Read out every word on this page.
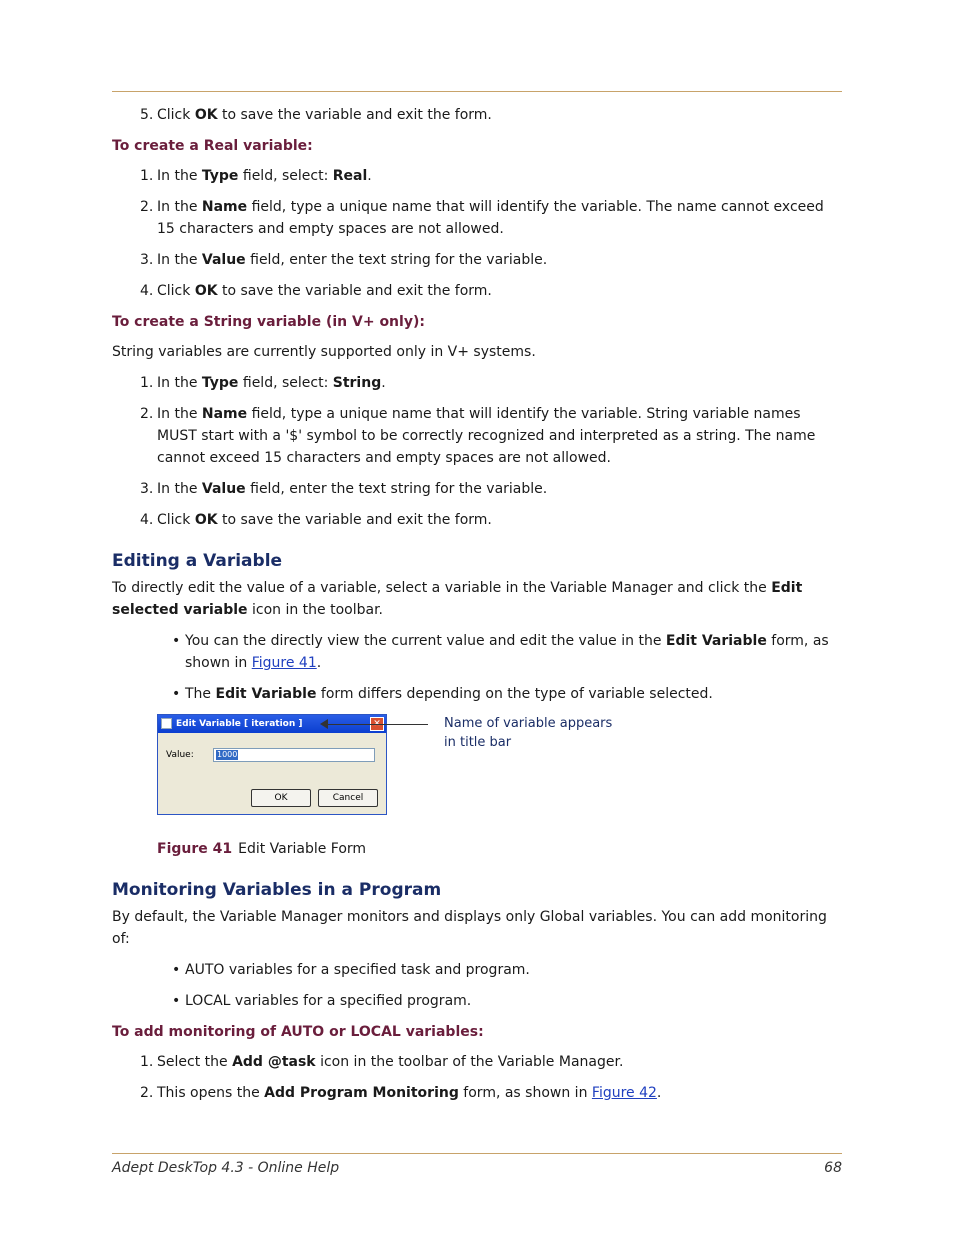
5. Click OK to save the variable and exit the form.

To create a Real variable:

1. In the Type field, select: Real.
2. In the Name field, type a unique name that will identify the variable. The name cannot exceed 15 characters and empty spaces are not allowed.
3. In the Value field, enter the text string for the variable.
4. Click OK to save the variable and exit the form.

To create a String variable (in V+ only):

String variables are currently supported only in V+ systems.

1. In the Type field, select: String.
2. In the Name field, type a unique name that will identify the variable. String variable names MUST start with a '$' symbol to be correctly recognized and interpreted as a string. The name cannot exceed 15 characters and empty spaces are not allowed.
3. In the Value field, enter the text string for the variable.
4. Click OK to save the variable and exit the form.
Editing a Variable

To directly edit the value of a variable, select a variable in the Variable Manager and click the Edit selected variable icon in the toolbar.

• You can the directly view the current value and edit the value in the Edit Variable form, as shown in Figure 41.
• The Edit Variable form differs depending on the type of variable selected.
Edit Variable [ iteration ]
Value:	1000
OK	Cancel
Name of variable appears
in title bar

Figure 41 Edit Variable Form

Monitoring Variables in a Program

By default, the Variable Manager monitors and displays only Global variables. You can add monitoring of:

• AUTO variables for a specified task and program.
• LOCAL variables for a specified program.

To add monitoring of AUTO or LOCAL variables:

1. Select the Add @task icon in the toolbar of the Variable Manager.
2. This opens the Add Program Monitoring form, as shown in Figure 42.
Adept DeskTop 4.3 - Online Help	68
